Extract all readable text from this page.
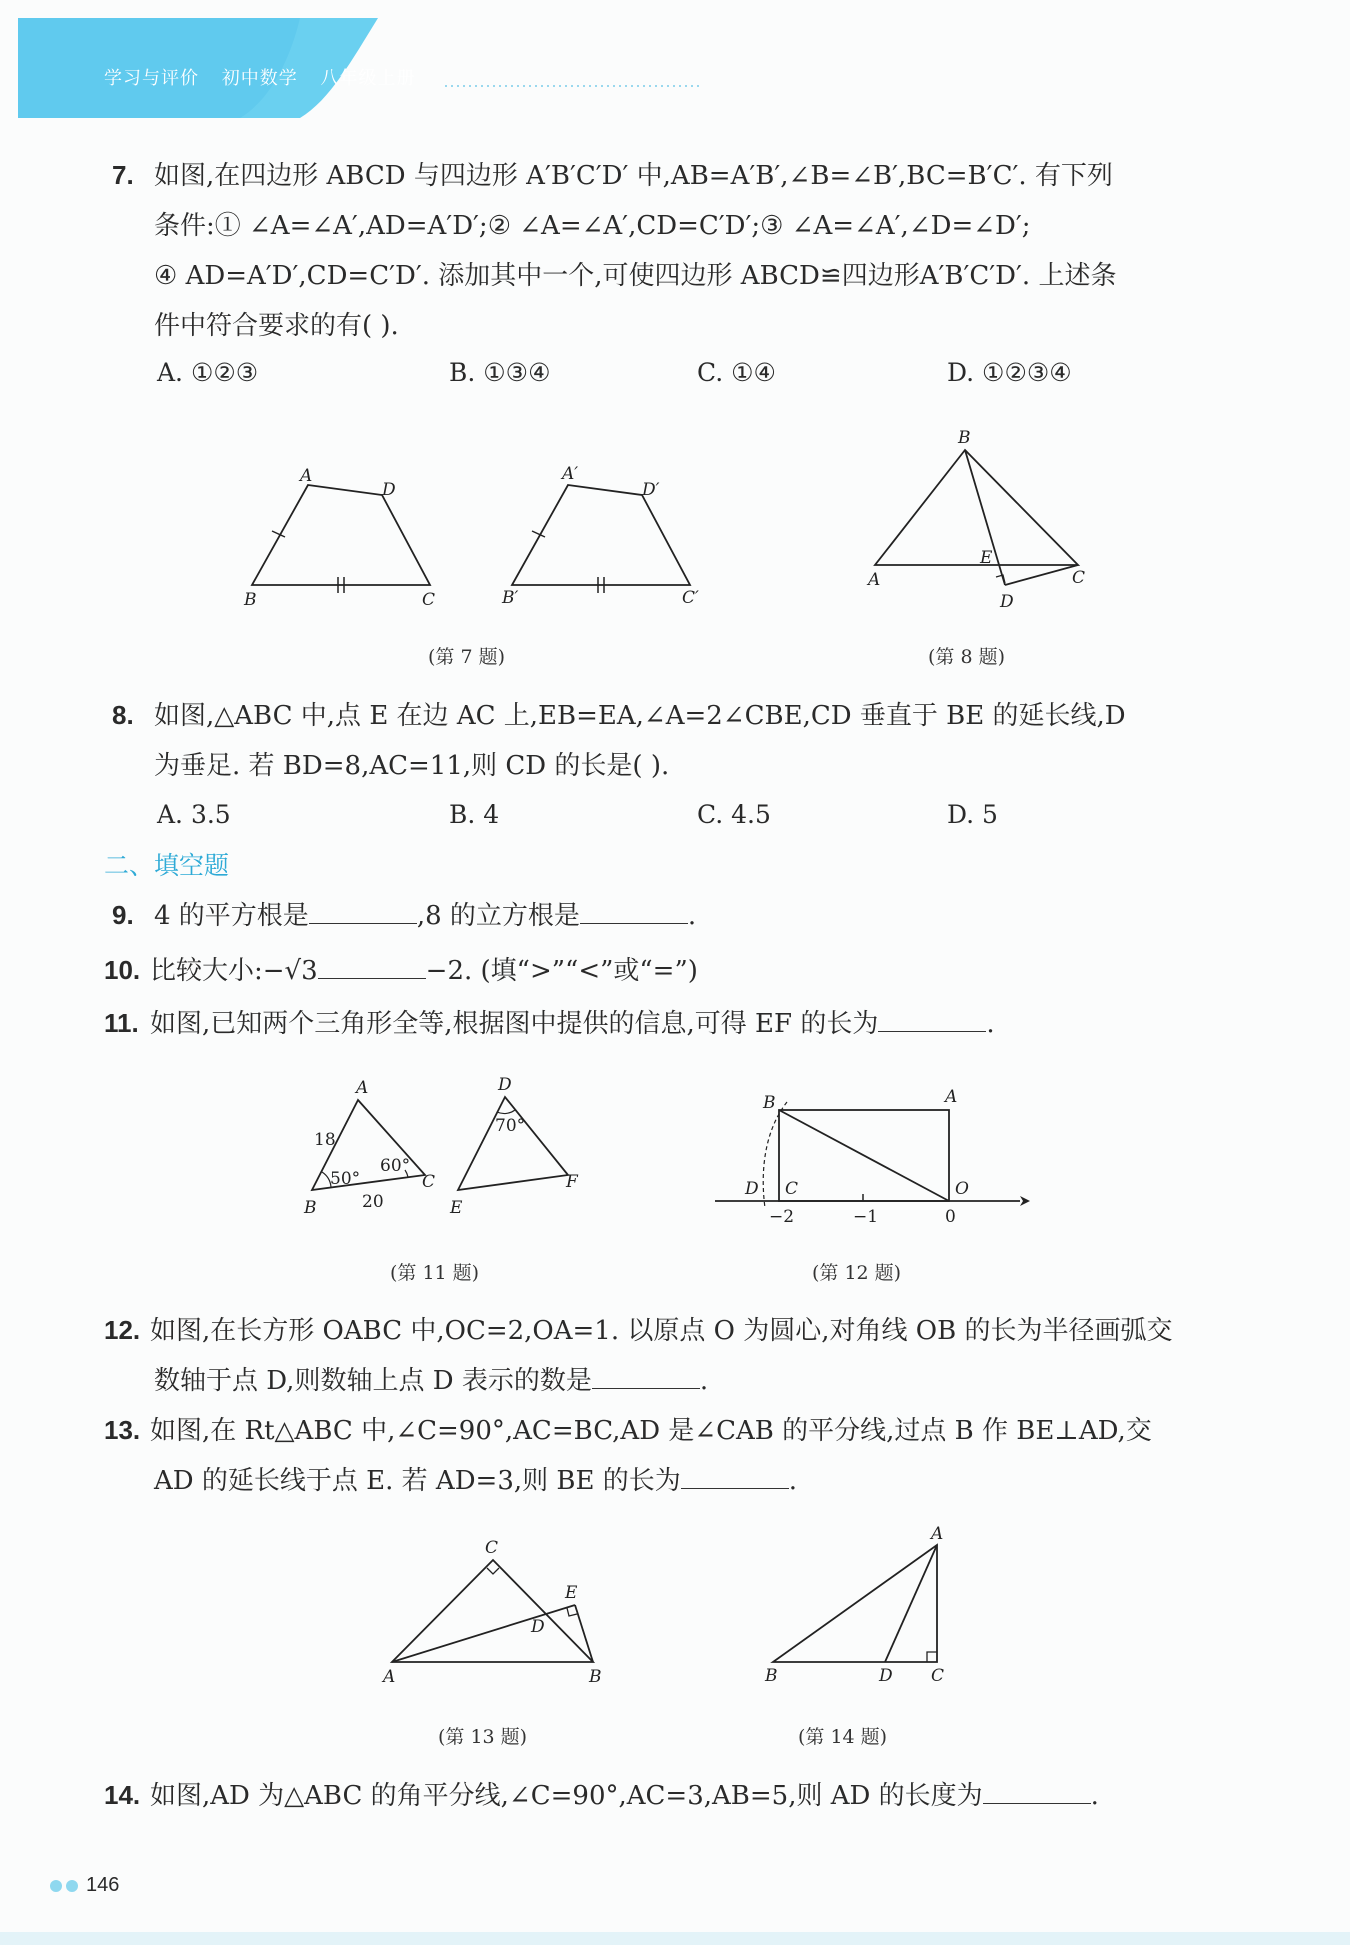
学习与评价 初中数学 八年级上册
7. 如图,在四边形 ABCD 与四边形 A′B′C′D′ 中,AB=A′B′,∠B=∠B′,BC=B′C′. 有下列
条件:① ∠A=∠A′,AD=A′D′;② ∠A=∠A′,CD=C′D′;③ ∠A=∠A′,∠D=∠D′;
④ AD=A′D′,CD=C′D′. 添加其中一个,可使四边形 ABCD≌四边形A′B′C′D′. 上述条
件中符合要求的有( ).
A. ①②③	B. ①③④	C. ①④	D. ①②③④
A
D
B	C
A′
D′
B′	C′
(第 7 题)
B
A	C
E
D
(第 8 题)
8. 如图,△ABC 中,点 E 在边 AC 上,EB=EA,∠A=2∠CBE,CD 垂直于 BE 的延长线,D
为垂足. 若 BD=8,AC=11,则 CD 的长是( ).
A. 3.5	B. 4	C. 4.5	D. 5
二、填空题
9. 4 的平方根是	,8 的立方根是	.
10. 比较大小:−√3	−2. (填“>”“<”或“=”)
11. 如图,已知两个三角形全等,根据图中提供的信息,可得 EF 的长为	.
A
B
C
18
20
50°
60°
D
E
F
70°
(第 11 题)
B	A
D C	O
−2	−1	0
(第 12 题)
12. 如图,在长方形 OABC 中,OC=2,OA=1. 以原点 O 为圆心,对角线 OB 的长为半径画弧交
数轴于点 D,则数轴上点 D 表示的数是	.
13. 如图,在 Rt△ABC 中,∠C=90°,AC=BC,AD 是∠CAB 的平分线,过点 B 作 BE⊥AD,交
AD 的延长线于点 E. 若 AD=3,则 BE 的长为	.
C
A	B
D
E
(第 13 题)
A
B	D C
(第 14 题)
14. 如图,AD 为△ABC 的角平分线,∠C=90°,AC=3,AB=5,则 AD 的长度为	.
146
